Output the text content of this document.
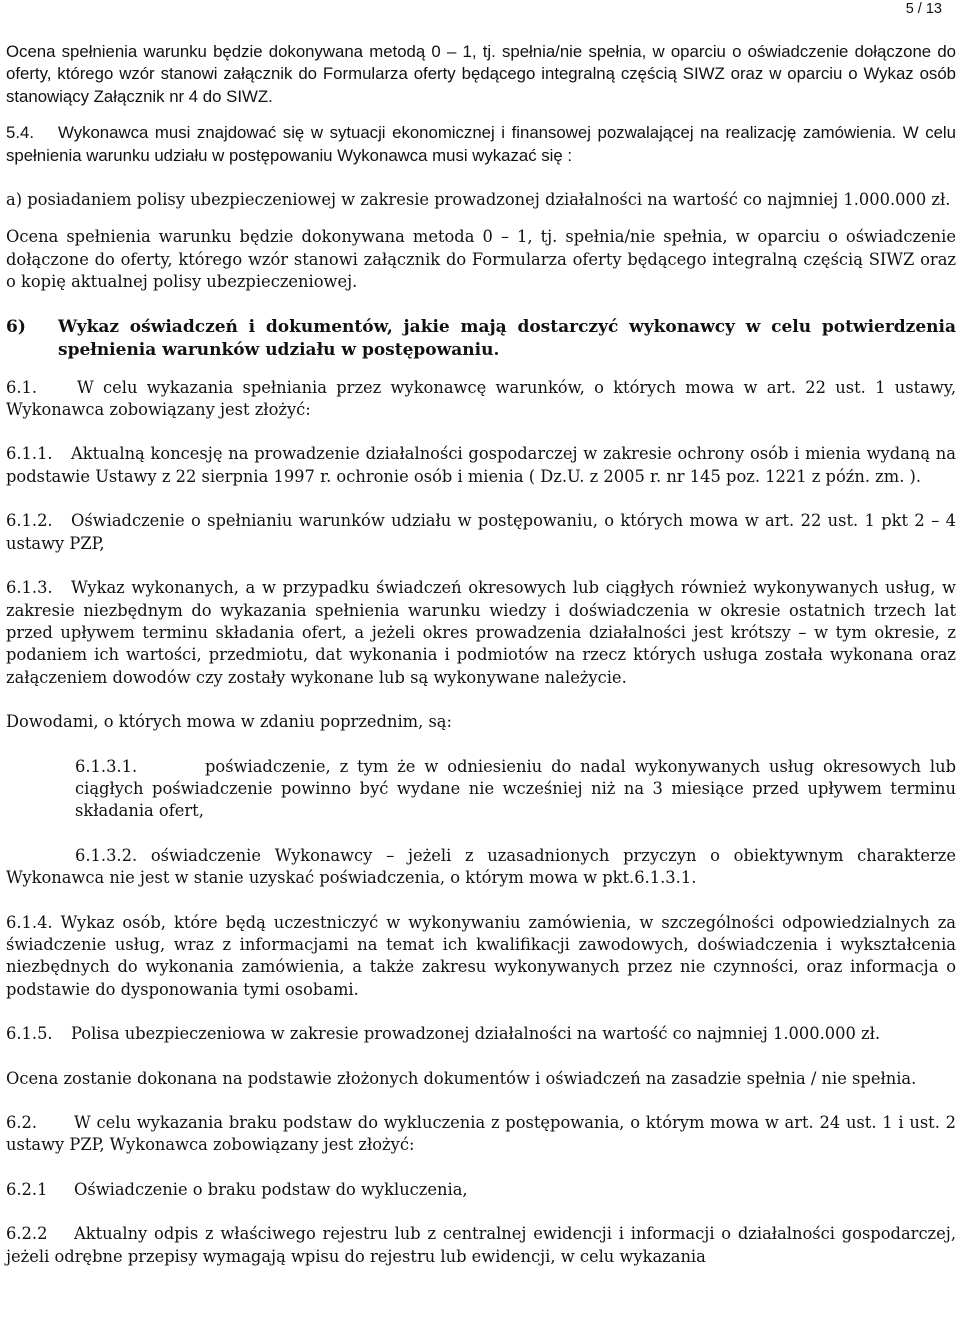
5 / 13

Ocena spełnienia warunku będzie dokonywana metodą 0 – 1, tj. spełnia/nie spełnia, w oparciu o oświadczenie dołączone do oferty, którego wzór stanowi załącznik do Formularza oferty będącego integralną częścią SIWZ oraz w oparciu o Wykaz osób stanowiący Załącznik nr 4 do SIWZ.

5.4. Wykonawca musi znajdować się w sytuacji ekonomicznej i finansowej pozwalającej na realizację zamówienia. W celu spełnienia warunku udziału w postępowaniu Wykonawca musi wykazać się :

a) posiadaniem polisy ubezpieczeniowej w zakresie prowadzonej działalności na wartość co najmniej 1.000.000 zł.

Ocena spełnienia warunku będzie dokonywana metoda 0 – 1, tj. spełnia/nie spełnia, w oparciu o oświadczenie dołączone do oferty, którego wzór stanowi załącznik do Formularza oferty będącego integralną częścią SIWZ oraz o kopię aktualnej polisy ubezpieczeniowej.

6)	Wykaz oświadczeń i dokumentów, jakie mają dostarczyć wykonawcy w celu potwierdzenia spełnienia warunków udziału w postępowaniu.

6.1. W celu wykazania spełniania przez wykonawcę warunków, o których mowa w art. 22 ust. 1 ustawy, Wykonawca zobowiązany jest złożyć:

6.1.1. Aktualną koncesję na prowadzenie działalności gospodarczej w zakresie ochrony osób i mienia wydaną na podstawie Ustawy z 22 sierpnia 1997 r. ochronie osób i mienia ( Dz.U. z 2005 r. nr 145 poz. 1221 z późn. zm. ).

6.1.2. Oświadczenie o spełnianiu warunków udziału w postępowaniu, o których mowa w art. 22 ust. 1 pkt 2 – 4 ustawy PZP,

6.1.3. Wykaz wykonanych, a w przypadku świadczeń okresowych lub ciągłych również wykonywanych usług, w zakresie niezbędnym do wykazania spełnienia warunku wiedzy i doświadczenia w okresie ostatnich trzech lat przed upływem terminu składania ofert, a jeżeli okres prowadzenia działalności jest krótszy – w tym okresie, z podaniem ich wartości, przedmiotu, dat wykonania i podmiotów na rzecz których usługa została wykonana oraz załączeniem dowodów czy zostały wykonane lub są wykonywane należycie.

Dowodami, o których mowa w zdaniu poprzednim, są:

6.1.3.1.	poświadczenie, z tym że w odniesieniu do nadal wykonywanych usług okresowych lub ciągłych poświadczenie powinno być wydane nie wcześniej niż na 3 miesiące przed upływem terminu składania ofert,

6.1.3.2. oświadczenie Wykonawcy – jeżeli z uzasadnionych przyczyn o obiektywnym charakterze Wykonawca nie jest w stanie uzyskać poświadczenia, o którym mowa w pkt.6.1.3.1.

6.1.4. Wykaz osób, które będą uczestniczyć w wykonywaniu zamówienia, w szczególności odpowiedzialnych za świadczenie usług, wraz z informacjami na temat ich kwalifikacji zawodowych, doświadczenia i wykształcenia niezbędnych do wykonania zamówienia, a także zakresu wykonywanych przez nie czynności, oraz informacja o podstawie do dysponowania tymi osobami.

6.1.5. Polisa ubezpieczeniowa w zakresie prowadzonej działalności na wartość co najmniej 1.000.000 zł.

Ocena zostanie dokonana na podstawie złożonych dokumentów i oświadczeń na zasadzie spełnia / nie spełnia.

6.2. W celu wykazania braku podstaw do wykluczenia z postępowania, o którym mowa w art. 24 ust. 1 i ust. 2 ustawy PZP, Wykonawca zobowiązany jest złożyć:

6.2.1 Oświadczenie o braku podstaw do wykluczenia,

6.2.2 Aktualny odpis z właściwego rejestru lub z centralnej ewidencji i informacji o działalności gospodarczej, jeżeli odrębne przepisy wymagają wpisu do rejestru lub ewidencji, w celu wykazania
